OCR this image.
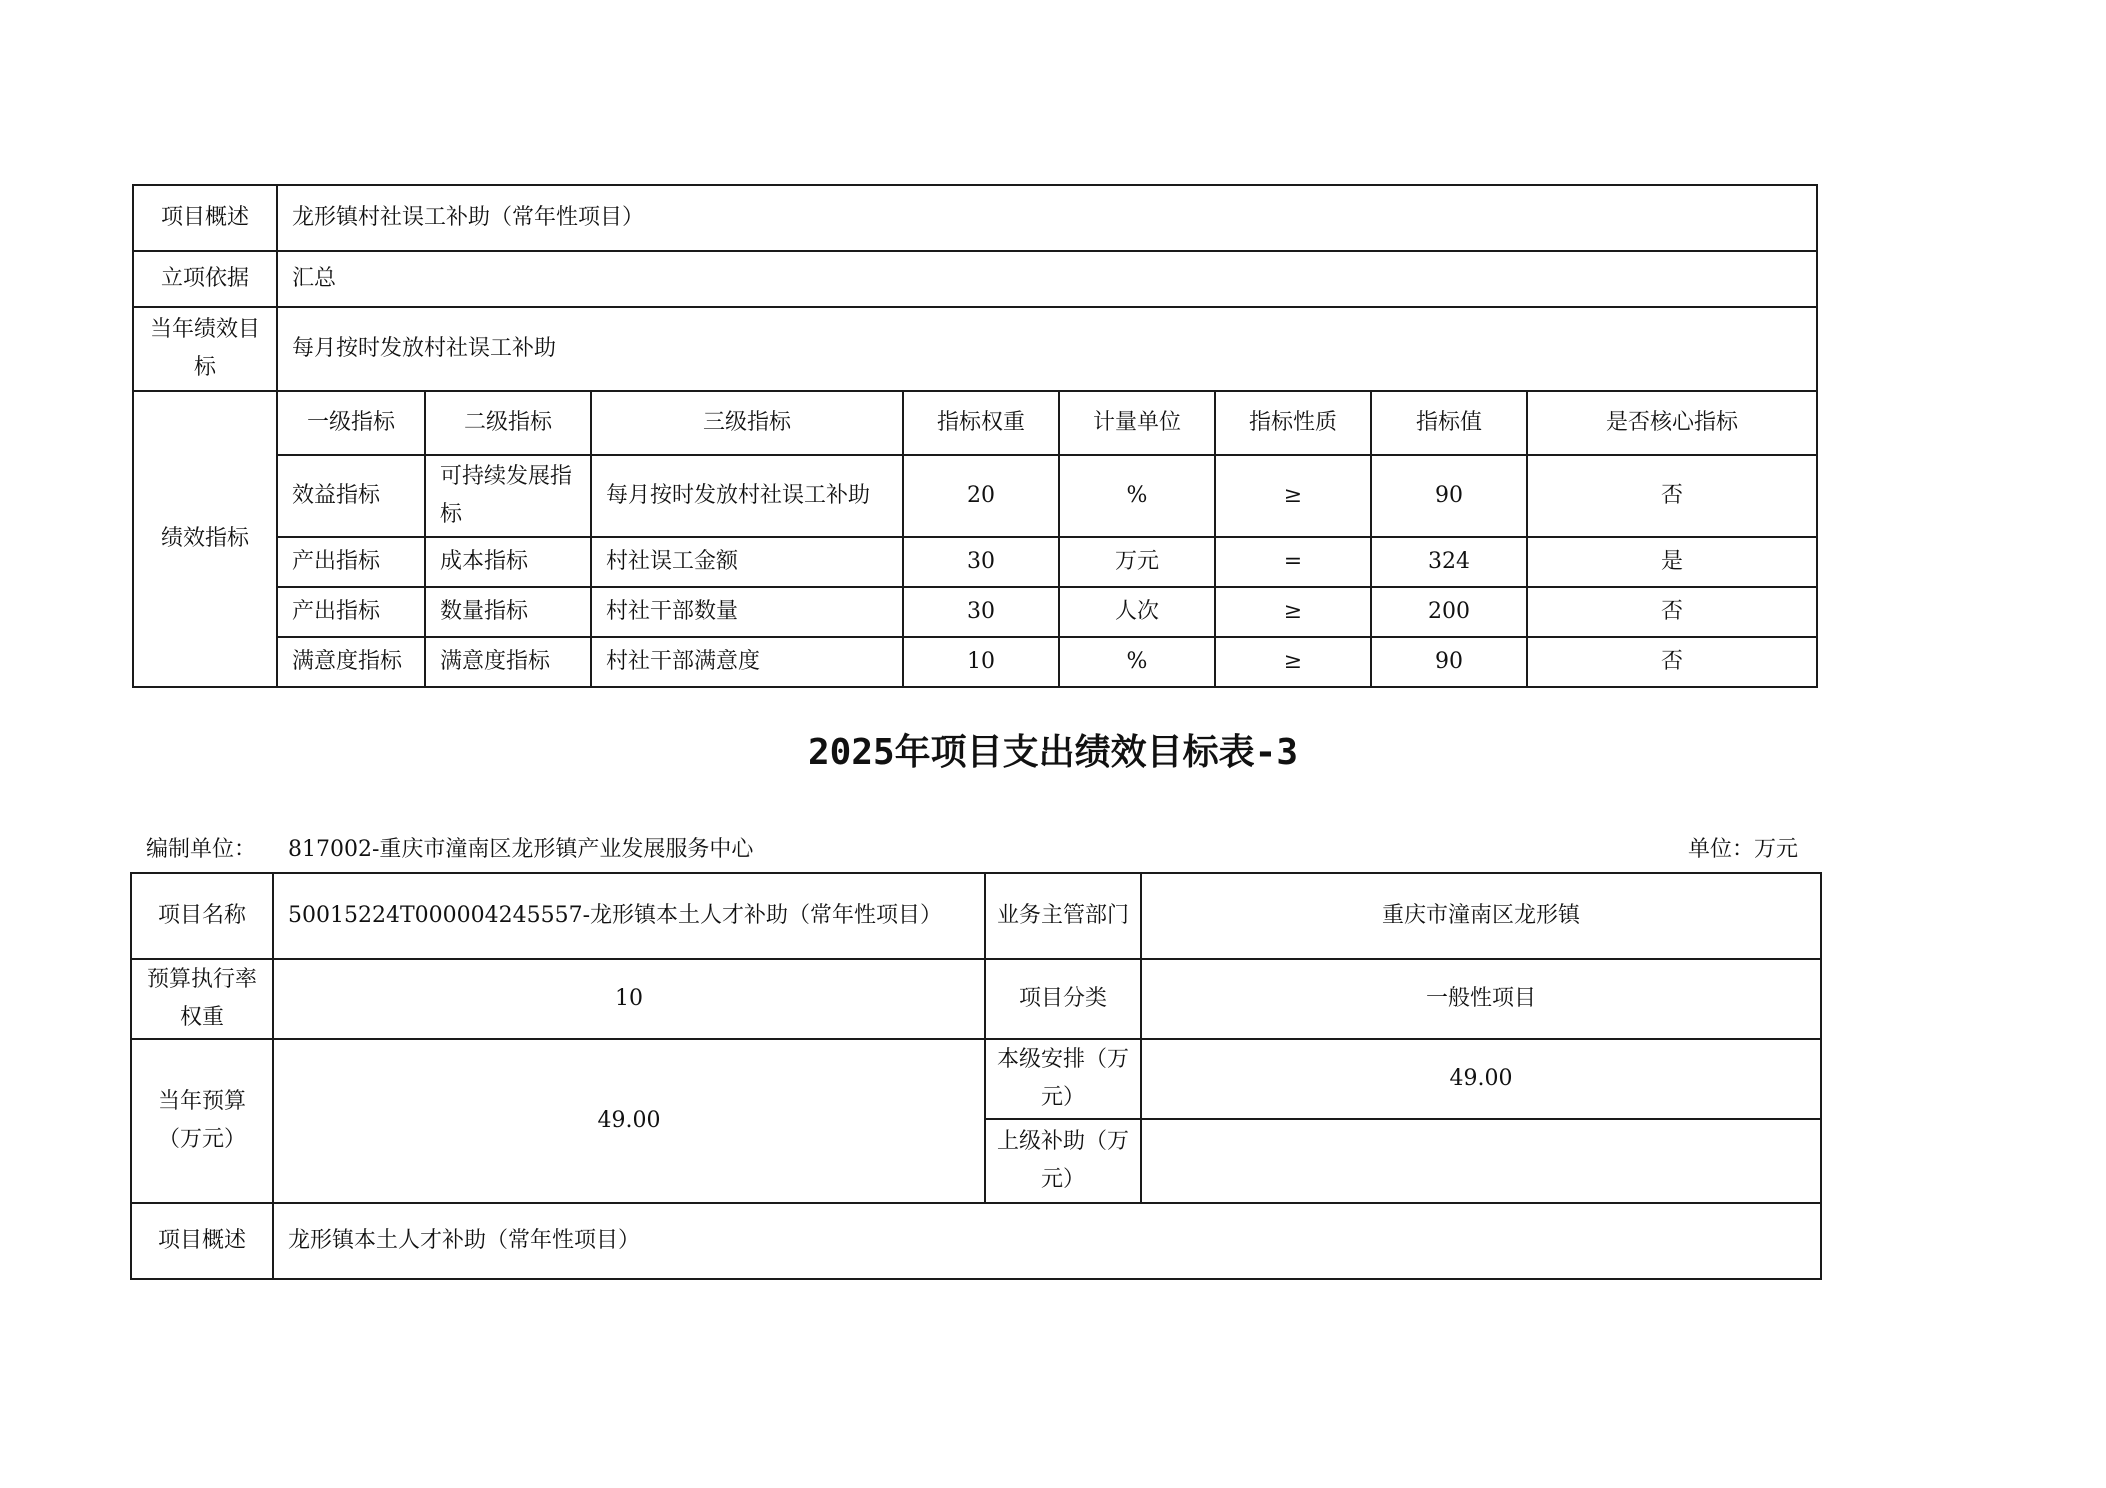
项目概述	龙形镇村社误工补助（常年性项目）							
立项依据	汇总							
当年绩效目标	每月按时发放村社误工补助							
绩效指标	一级指标	二级指标	三级指标	指标权重	计量单位	指标性质	指标值	是否核心指标
	效益指标	可持续发展指标	每月按时发放村社误工补助	20	%	≥	90	否
	产出指标	成本指标	村社误工金额	30	万元	=	324	是
	产出指标	数量指标	村社干部数量	30	人次	≥	200	否
	满意度指标	满意度指标	村社干部满意度	10	%	≥	90	否
2025年项目支出绩效目标表-3
编制单位： 817002-重庆市潼南区龙形镇产业发展服务中心	单位：万元
项目名称	50015224T000004245557-龙形镇本土人才补助（常年性项目）	业务主管部门	重庆市潼南区龙形镇
预算执行率权重	10	项目分类	一般性项目
当年预算（万元）	49.00	本级安排（万元）	49.00
		上级补助（万元）	
项目概述	龙形镇本土人才补助（常年性项目）		
